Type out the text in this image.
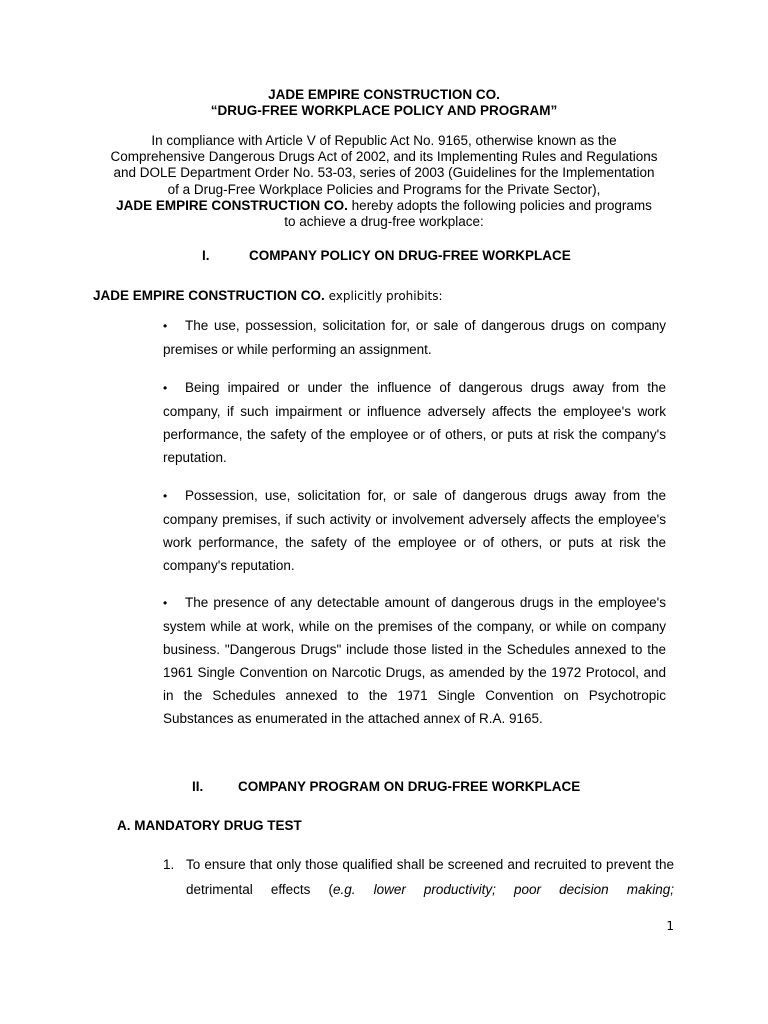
JADE EMPIRE CONSTRUCTION CO.
“DRUG-FREE WORKPLACE POLICY AND PROGRAM”
In compliance with Article V of Republic Act No. 9165, otherwise known as the
Comprehensive Dangerous Drugs Act of 2002, and its Implementing Rules and Regulations
and DOLE Department Order No. 53-03, series of 2003 (Guidelines for the Implementation
of a Drug-Free Workplace Policies and Programs for the Private Sector),
JADE EMPIRE CONSTRUCTION CO. hereby adopts the following policies and programs
to achieve a drug-free workplace:
I.	COMPANY POLICY ON DRUG-FREE WORKPLACE
JADE EMPIRE CONSTRUCTION CO. explicitly prohibits:
• The use, possession, solicitation for, or sale of dangerous drugs on company premises or while performing an assignment.
• Being impaired or under the influence of dangerous drugs away from the company, if such impairment or influence adversely affects the employee's work performance, the safety of the employee or of others, or puts at risk the company's reputation.
• Possession, use, solicitation for, or sale of dangerous drugs away from the company premises, if such activity or involvement adversely affects the employee's work performance, the safety of the employee or of others, or puts at risk the company's reputation.
• The presence of any detectable amount of dangerous drugs in the employee's system while at work, while on the premises of the company, or while on company business. "Dangerous Drugs" include those listed in the Schedules annexed to the 1961 Single Convention on Narcotic Drugs, as amended by the 1972 Protocol, and in the Schedules annexed to the 1971 Single Convention on Psychotropic Substances as enumerated in the attached annex of R.A. 9165.
II.	COMPANY PROGRAM ON DRUG-FREE WORKPLACE
A. MANDATORY DRUG TEST
1. To ensure that only those qualified shall be screened and recruited to prevent the detrimental effects (e.g. lower productivity; poor decision making;
1
